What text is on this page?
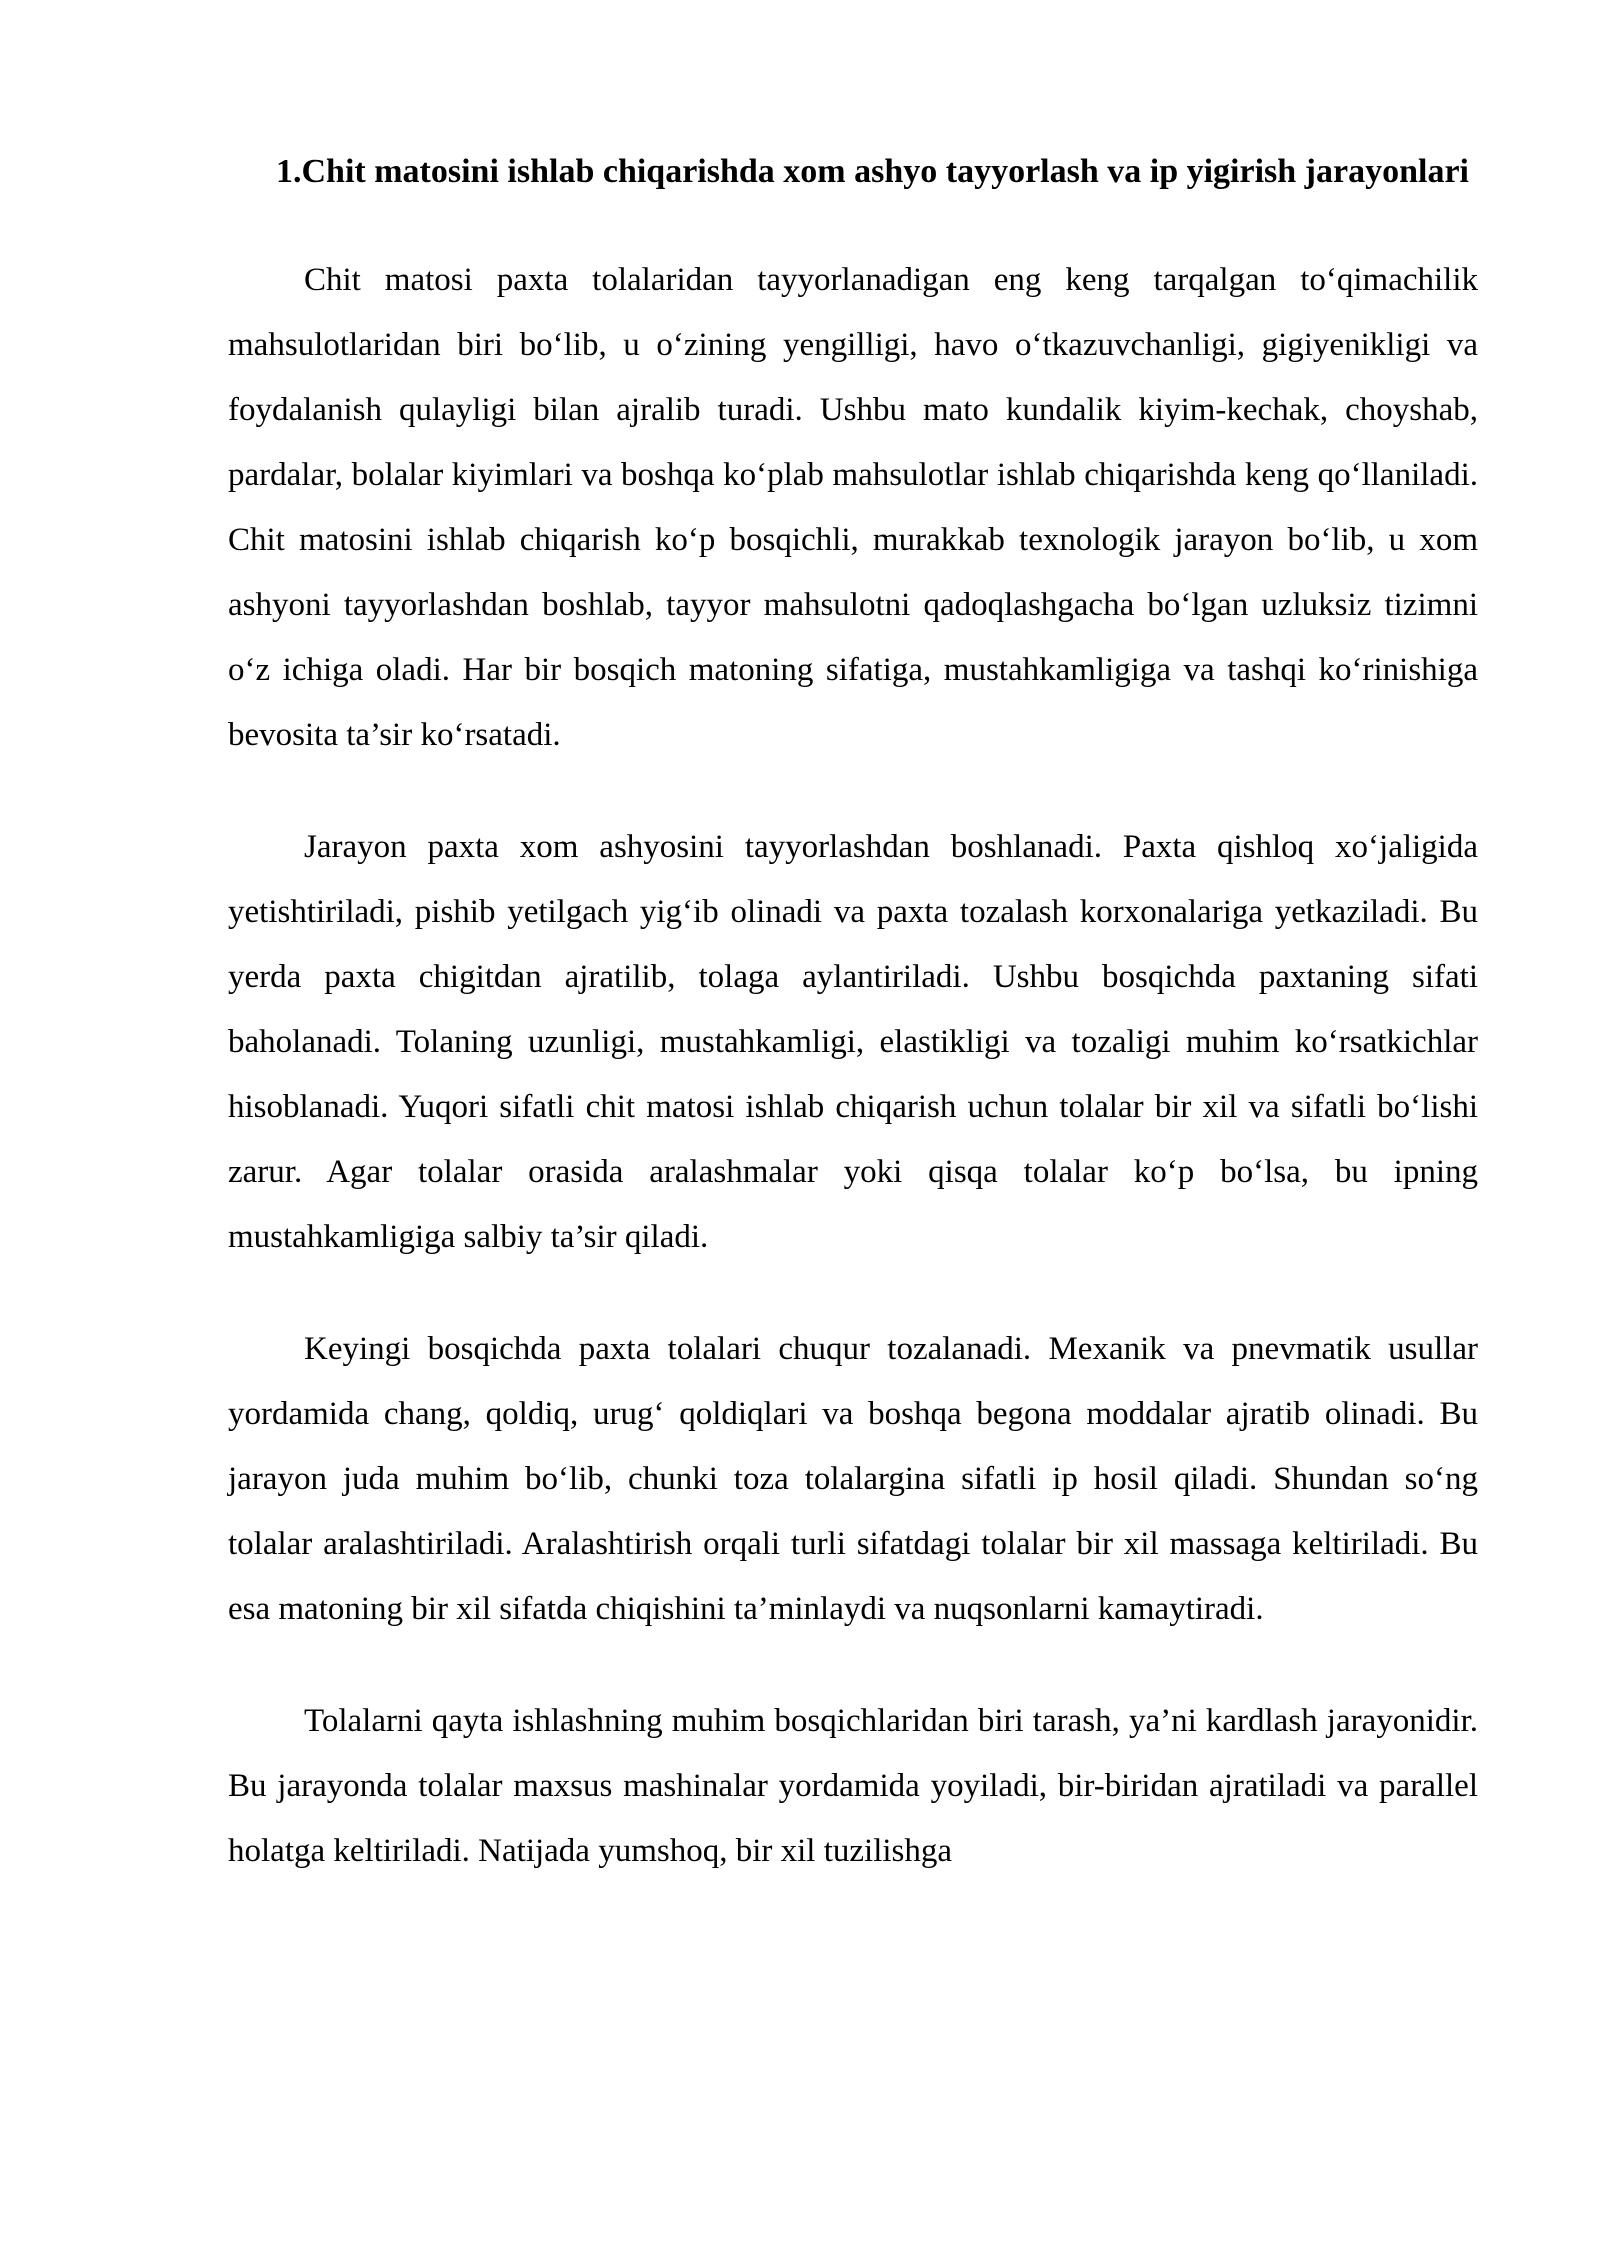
1.Chit matosini ishlab chiqarishda xom ashyo tayyorlash va ip yigirish jarayonlari

Chit matosi paxta tolalaridan tayyorlanadigan eng keng tarqalgan to‘qimachilik mahsulotlaridan biri bo‘lib, u o‘zining yengilligi, havo o‘tkazuvchanligi, gigiyenikligi va foydalanish qulayligi bilan ajralib turadi. Ushbu mato kundalik kiyim-kechak, choyshab, pardalar, bolalar kiyimlari va boshqa ko‘plab mahsulotlar ishlab chiqarishda keng qo‘llaniladi. Chit matosini ishlab chiqarish ko‘p bosqichli, murakkab texnologik jarayon bo‘lib, u xom ashyoni tayyorlashdan boshlab, tayyor mahsulotni qadoqlashgacha bo‘lgan uzluksiz tizimni o‘z ichiga oladi. Har bir bosqich matoning sifatiga, mustahkamligiga va tashqi ko‘rinishiga bevosita ta’sir ko‘rsatadi.

Jarayon paxta xom ashyosini tayyorlashdan boshlanadi. Paxta qishloq xo‘jaligida yetishtiriladi, pishib yetilgach yig‘ib olinadi va paxta tozalash korxonalariga yetkaziladi. Bu yerda paxta chigitdan ajratilib, tolaga aylantiriladi. Ushbu bosqichda paxtaning sifati baholanadi. Tolaning uzunligi, mustahkamligi, elastikligi va tozaligi muhim ko‘rsatkichlar hisoblanadi. Yuqori sifatli chit matosi ishlab chiqarish uchun tolalar bir xil va sifatli bo‘lishi zarur. Agar tolalar orasida aralashmalar yoki qisqa tolalar ko‘p bo‘lsa, bu ipning mustahkamligiga salbiy ta’sir qiladi.

Keyingi bosqichda paxta tolalari chuqur tozalanadi. Mexanik va pnevmatik usullar yordamida chang, qoldiq, urug‘ qoldiqlari va boshqa begona moddalar ajratib olinadi. Bu jarayon juda muhim bo‘lib, chunki toza tolalargina sifatli ip hosil qiladi. Shundan so‘ng tolalar aralashtiriladi. Aralashtirish orqali turli sifatdagi tolalar bir xil massaga keltiriladi. Bu esa matoning bir xil sifatda chiqishini ta’minlaydi va nuqsonlarni kamaytiradi.

Tolalarni qayta ishlashning muhim bosqichlaridan biri tarash, ya’ni kardlash jarayonidir. Bu jarayonda tolalar maxsus mashinalar yordamida yoyiladi, bir-biridan ajratiladi va parallel holatga keltiriladi. Natijada yumshoq, bir xil tuzilishga
